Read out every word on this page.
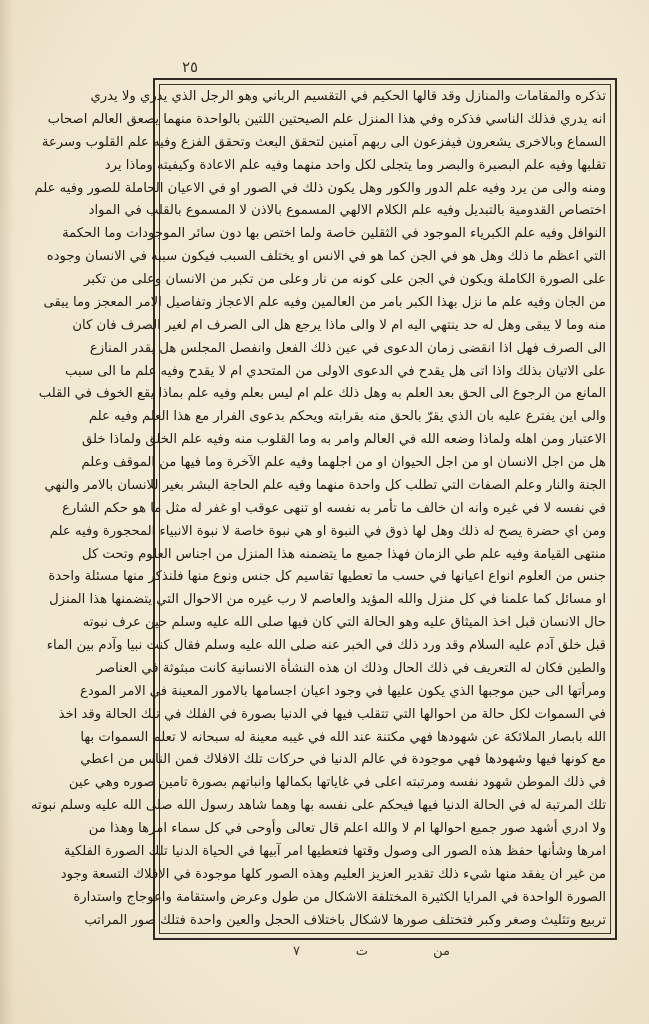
٢٥
تذكره والمقامات والمنازل وقد قالها الحكيم في التقسيم الرباني وهو الرجل الذي يدري ولا يدري
انه يدري فذلك الناسي فذكره وفي هذا المنزل علم الصيحتين اللتين بالواحدة منهما يصعق العالم اصحاب
السماع وبالاخرى يشعرون فيفزعون الى ربهم آمنين لتحقق البعث وتحقق الفزع وفيه علم القلوب وسرعة
تقلبها وفيه علم البصيرة والبصر وما يتجلى لكل واحد منهما وفيه علم الاعادة وكيفيته وماذا يرد
ومنه والى من يرد وفيه علم الدور والكور وهل يكون ذلك في الصور او في الاعيان الحاملة للصور وفيه علم
اختصاص القدومية بالتبديل وفيه علم الكلام الالهي المسموع بالاذن لا المسموع بالقلب في المواد
النوافل وفيه علم الكبرياء الموجود في الثقلين خاصة ولما اختص بها دون سائر الموجودات وما الحكمة
التي اعظم ما ذلك وهل هو في الجن كما هو في الانس او يختلف السبب فيكون سببه في الانسان وجوده
على الصورة الكاملة ويكون في الجن على كونه من نار وعلى من تكبر من الانسان وعلى من تكبر
من الجان وفيه علم ما نزل بهذا الكبر بامر من العالمين وفيه علم الاعجاز وتفاصيل الامر المعجز وما يبقى
منه وما لا يبقى وهل له حد ينتهي اليه ام لا والى ماذا يرجع هل الى الصرف ام لغير الصرف فان كان
الى الصرف فهل اذا انقضى زمان الدعوى في عين ذلك الفعل وانفصل المجلس هل يقدر المنازع
على الاتيان بذلك واذا اتى هل يقدح في الدعوى الاولى من المتحدي ام لا يقدح وفيه علم ما الى سبب
المانع من الرجوع الى الحق بعد العلم به وهل ذلك علم ام ليس بعلم وفيه علم بماذا يقع الخوف في القلب
والى اين يفترع عليه بان الذي يقرّ بالحق منه بقرابته ويحكم بدعوى الفرار مع هذا العلم وفيه علم
الاعتبار ومن اهله ولماذا وضعه الله في العالم وامر به وما القلوب منه وفيه علم الخلق ولماذا خلق
هل من اجل الانسان او من اجل الحيوان او من اجلهما وفيه علم الآخرة وما فيها من الموقف وعلم
الجنة والنار وعلم الصفات التي تطلب كل واحدة منهما وفيه علم الحاجة البشر بغير للانسان بالامر والنهي
في نفسه لا في غيره وانه ان خالف ما تأمر به نفسه او تنهى عوقب او غفر له مثل ما هو حكم الشارع
ومن اي حضرة يصح له ذلك وهل لها ذوق في النبوة او هي نبوة خاصة لا نبوة الانبياء المحجورة وفيه علم
منتهى القيامة وفيه علم طي الزمان فهذا جميع ما يتضمنه هذا المنزل من اجناس العلوم وتحت كل
جنس من العلوم انواع اعيانها في حسب ما تعطيها تقاسيم كل جنس ونوع منها فلنذكر منها مسئلة واحدة
او مسائل كما علمنا في كل منزل والله المؤيد والعاصم لا رب غيره من الاحوال التي يتضمنها هذا المنزل
حال الانسان قبل اخذ الميثاق عليه وهو الحالة التي كان فيها صلى الله عليه وسلم حين عرف نبوته
قبل خلق آدم عليه السلام وقد ورد ذلك في الخبر عنه صلى الله عليه وسلم فقال كنت نبيا وآدم بين الماء
والطين فكان له التعريف في ذلك الحال وذلك ان هذه النشأة الانسانية كانت مبثوثة في العناصر
ومرأتها الى حين موجبها الذي يكون عليها في وجود اعيان اجسامها بالامور المعينة في الامر المودع
في السموات لكل حالة من احوالها التي تتقلب فيها في الدنيا بصورة في الفلك في تلك الحالة وقد اخذ
الله بابصار الملائكة عن شهودها فهي مكتنة عند الله في غيبه معينة له سبحانه لا تعلم السموات بها
مع كونها فيها وشهودها فهي موجودة في عالم الدنيا في حركات تلك الافلاك فمن الناس من اعطي
في ذلك الموطن شهود نفسه ومرتبته اعلى في غاياتها بكمالها وانباتهم بصورة تامين صوره وهي عين
تلك المرتبة له في الحالة الدنيا فيها فيحكم على نفسه بها وهما شاهد رسول الله صلى الله عليه وسلم نبوته
ولا ادري أشهد صور جميع احوالها ام لا والله اعلم قال تعالى وأوحى في كل سماء امرها وهذا من
امرها وشأنها حفظ هذه الصور الى وصول وقتها فتعطيها امر آبيها في الحياة الدنيا تلك الصورة الفلكية
من غير ان يفقد منها شيء ذلك تقدير العزيز العليم وهذه الصور كلها موجودة في الافلاك التسعة وجود
الصورة الواحدة في المرايا الكثيرة المختلفة الاشكال من طول وعرض واستقامة واعوجاج واستدارة
تربيع وتثليث وصغر وكبر فتختلف صورها لاشكال باختلاف الحجل والعين واحدة فتلك صور المراتب
من
ت
٧
